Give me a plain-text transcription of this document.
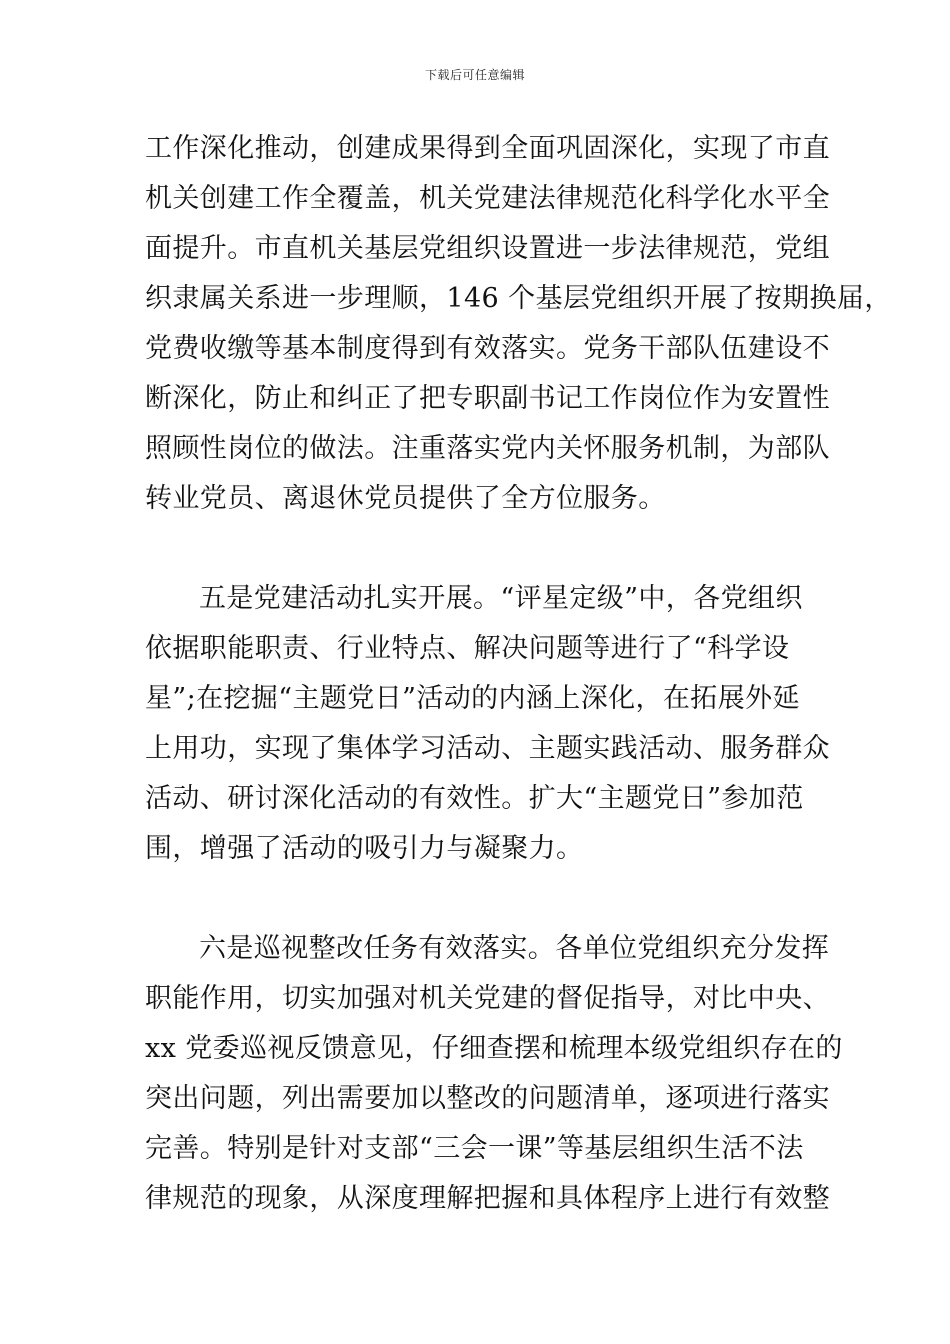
下载后可任意编辑
工作深化推动，创建成果得到全面巩固深化，实现了市直
机关创建工作全覆盖，机关党建法律规范化科学化水平全
面提升。市直机关基层党组织设置进一步法律规范，党组
织隶属关系进一步理顺，146 个基层党组织开展了按期换届，
党费收缴等基本制度得到有效落实。党务干部队伍建设不
断深化，防止和纠正了把专职副书记工作岗位作为安置性
照顾性岗位的做法。注重落实党内关怀服务机制，为部队
转业党员、离退休党员提供了全方位服务。
五是党建活动扎实开展。“评星定级”中，各党组织
依据职能职责、行业特点、解决问题等进行了“科学设
星”;在挖掘“主题党日”活动的内涵上深化，在拓展外延
上用功，实现了集体学习活动、主题实践活动、服务群众
活动、研讨深化活动的有效性。扩大“主题党日”参加范
围，增强了活动的吸引力与凝聚力。
六是巡视整改任务有效落实。各单位党组织充分发挥
职能作用，切实加强对机关党建的督促指导，对比中央、
xx 党委巡视反馈意见，仔细查摆和梳理本级党组织存在的
突出问题，列出需要加以整改的问题清单，逐项进行落实
完善。特别是针对支部“三会一课”等基层组织生活不法
律规范的现象，从深度理解把握和具体程序上进行有效整
